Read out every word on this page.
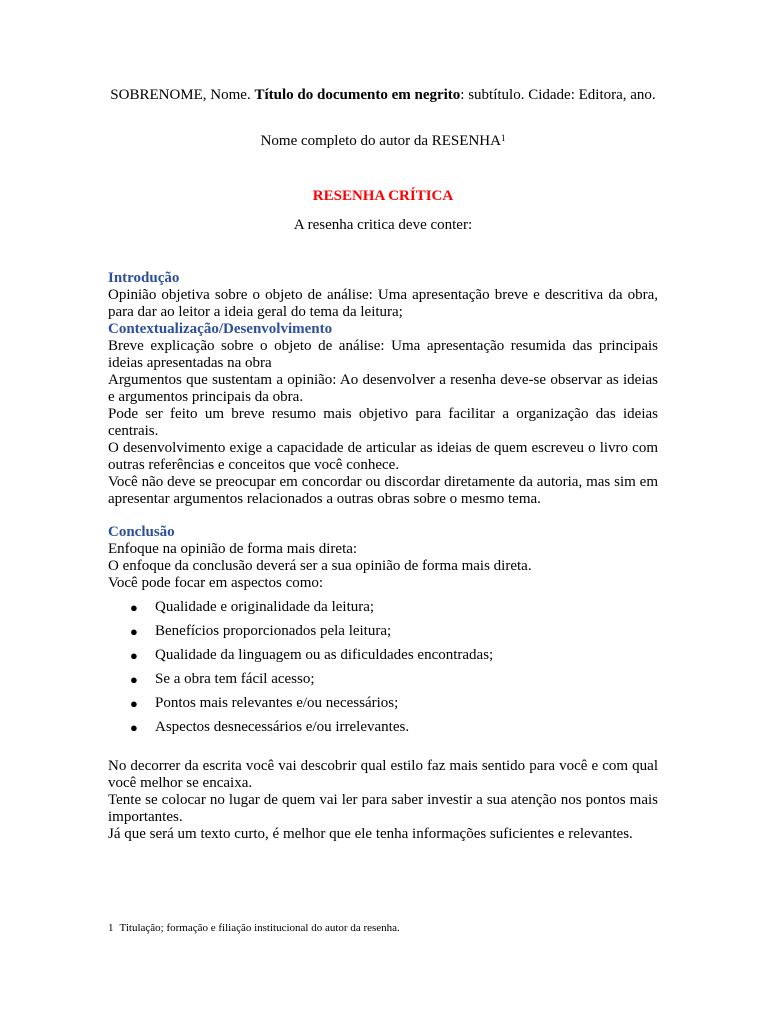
SOBRENOME, Nome. Título do documento em negrito: subtítulo. Cidade: Editora, ano.
Nome completo do autor da RESENHA$^1$
RESENHA CRÍTICA
A resenha critica deve conter:
Introdução
Opinião objetiva sobre o objeto de análise: Uma apresentação breve e descritiva da obra, para dar ao leitor a ideia geral do tema da leitura;
Contextualização/Desenvolvimento
Breve explicação sobre o objeto de análise: Uma apresentação resumida das principais ideias apresentadas na obra
Argumentos que sustentam a opinião: Ao desenvolver a resenha deve-se observar as ideias e argumentos principais da obra.
Pode ser feito um breve resumo mais objetivo para facilitar a organização das ideias centrais.
O desenvolvimento exige a capacidade de articular as ideias de quem escreveu o livro com outras referências e conceitos que você conhece.
Você não deve se preocupar em concordar ou discordar diretamente da autoria, mas sim em apresentar argumentos relacionados a outras obras sobre o mesmo tema.
Conclusão
Enfoque na opinião de forma mais direta:
O enfoque da conclusão deverá ser a sua opinião de forma mais direta.
Você pode focar em aspectos como:
● Qualidade e originalidade da leitura;
● Benefícios proporcionados pela leitura;
● Qualidade da linguagem ou as dificuldades encontradas;
● Se a obra tem fácil acesso;
● Pontos mais relevantes e/ou necessários;
● Aspectos desnecessários e/ou irrelevantes.
No decorrer da escrita você vai descobrir qual estilo faz mais sentido para você e com qual você melhor se encaixa.
Tente se colocar no lugar de quem vai ler para saber investir a sua atenção nos pontos mais importantes.
Já que será um texto curto, é melhor que ele tenha informações suficientes e relevantes.
1 Titulação; formação e filiação institucional do autor da resenha.
